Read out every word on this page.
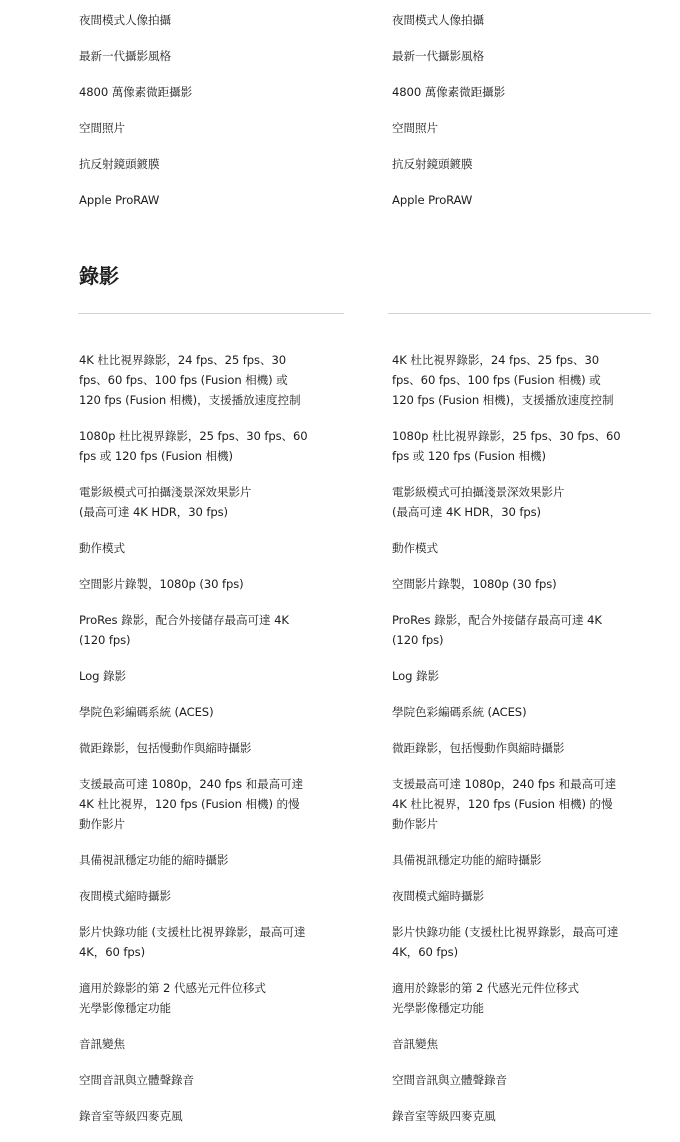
夜間模式人像拍攝

最新一代攝影風格

4800 萬像素微距攝影

空間照片

抗反射鏡頭鍍膜

Apple ProRAW

錄影

4K 杜比視界錄影，24 fps、25 fps、30
fps、60 fps、100 fps (Fusion 相機) 或
120 fps (Fusion 相機)，支援播放速度控制

1080p 杜比視界錄影，25 fps、30 fps、60
fps 或 120 fps (Fusion 相機)

電影級模式可拍攝淺景深效果影片
(最高可達 4K HDR，30 fps)

動作模式

空間影片錄製，1080p (30 fps)

ProRes 錄影，配合外接儲存最高可達 4K
(120 fps)

Log 錄影

學院色彩編碼系統 (ACES)

微距錄影，包括慢動作與縮時攝影

支援最高可達 1080p，240 fps 和最高可達
4K 杜比視界，120 fps (Fusion 相機) 的慢
動作影片

具備視訊穩定功能的縮時攝影

夜間模式縮時攝影

影片快錄功能 (支援杜比視界錄影，最高可達
4K，60 fps)

適用於錄影的第 2 代感光元件位移式
光學影像穩定功能

音訊變焦

空間音訊與立體聲錄音

錄音室等級四麥克風

夜間模式人像拍攝

最新一代攝影風格

4800 萬像素微距攝影

空間照片

抗反射鏡頭鍍膜

Apple ProRAW

4K 杜比視界錄影，24 fps、25 fps、30
fps、60 fps、100 fps (Fusion 相機) 或
120 fps (Fusion 相機)，支援播放速度控制

1080p 杜比視界錄影，25 fps、30 fps、60
fps 或 120 fps (Fusion 相機)

電影級模式可拍攝淺景深效果影片
(最高可達 4K HDR，30 fps)

動作模式

空間影片錄製，1080p (30 fps)

ProRes 錄影，配合外接儲存最高可達 4K
(120 fps)

Log 錄影

學院色彩編碼系統 (ACES)

微距錄影，包括慢動作與縮時攝影

支援最高可達 1080p，240 fps 和最高可達
4K 杜比視界，120 fps (Fusion 相機) 的慢
動作影片

具備視訊穩定功能的縮時攝影

夜間模式縮時攝影

影片快錄功能 (支援杜比視界錄影，最高可達
4K，60 fps)

適用於錄影的第 2 代感光元件位移式
光學影像穩定功能

音訊變焦

空間音訊與立體聲錄音

錄音室等級四麥克風
